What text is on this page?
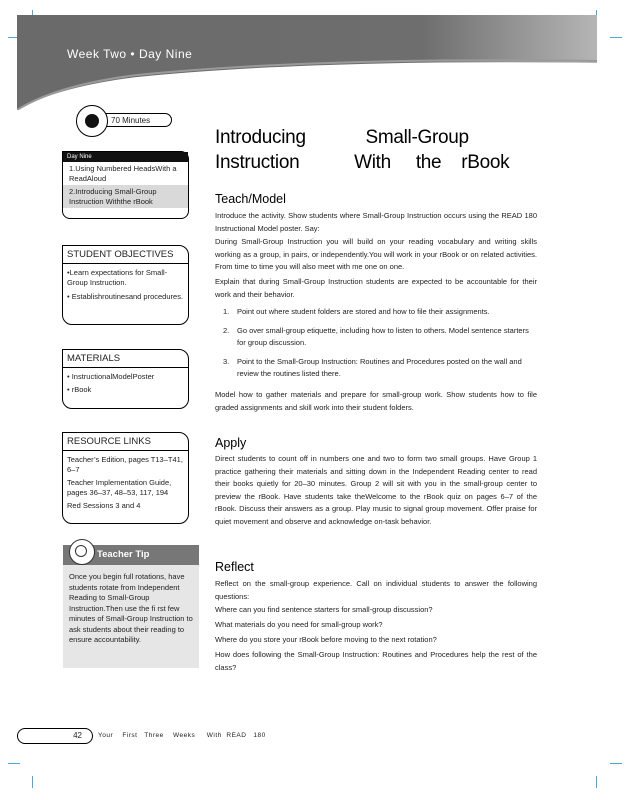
Week Two • Day Nine
70 Minutes
Day Nine
1.Using Numbered HeadsWith a ReadAloud
2.Introducing Small-Group Instruction Withthe rBook
STUDENT OBJECTIVES
•Learn expectations for Small-Group Instruction.
• Establishroutinesand procedures.
MATERIALS
• InstructionalModelPoster
• rBook
RESOURCE LINKS
Teacher’s Edition, pages T13–T41, 6–7
Teacher Implementation Guide, pages 36–37, 48–53, 117, 194
Red Sessions 3 and 4
Teacher Tip
Once you begin full rotations, have students rotate from Independent Reading to Small-Group Instruction.Then use the fi rst few minutes of Small-Group Instruction to ask students about their reading to ensure accountability.
Introducing            Small-Group
Instruction           With     the    rBook
Teach/Model
Introduce the activity. Show students where Small-Group Instruction occurs using the READ 180 Instructional Model poster. Say:
During Small-Group Instruction you will build on your reading vocabulary and writing skills working as a group, in pairs, or independently.You will work in your rBook or on related activities. From time to time you will also meet with me one on one.
Explain that during Small-Group Instruction students are expected to be accountable for their work and their behavior.
1.	Point out where student folders are stored and how to file their assignments.
2.	Go over small-group etiquette, including how to listen to others. Model sentence starters for group discussion.
3.	Point to the Small-Group Instruction: Routines and Procedures posted on the wall and review the routines listed there.
Model how to gather materials and prepare for small-group work. Show students how to file graded assignments and skill work into their student folders.
Apply
Direct students to count off in numbers one and two to form two small groups. Have Group 1 practice gathering their materials and sitting down in the Independent Reading center to read their books quietly for 20–30 minutes. Group 2 will sit with you in the small-group center to preview the rBook. Have students take theWelcome to the rBook quiz on pages 6–7 of the rBook. Discuss their answers as a group. Play music to signal group movement. Offer praise for quiet movement and observe and acknowledge on-task behavior.
Reflect
Reflect on the small-group experience. Call on individual students to answer the following questions:
Where can you find sentence starters for small-group discussion?
What materials do you need for small-group work?
Where do you store your rBook before moving to the next rotation?
How does following the Small-Group Instruction: Routines and Procedures help the rest of the class?
42	Your    First   Three    Weeks     With  READ   180
